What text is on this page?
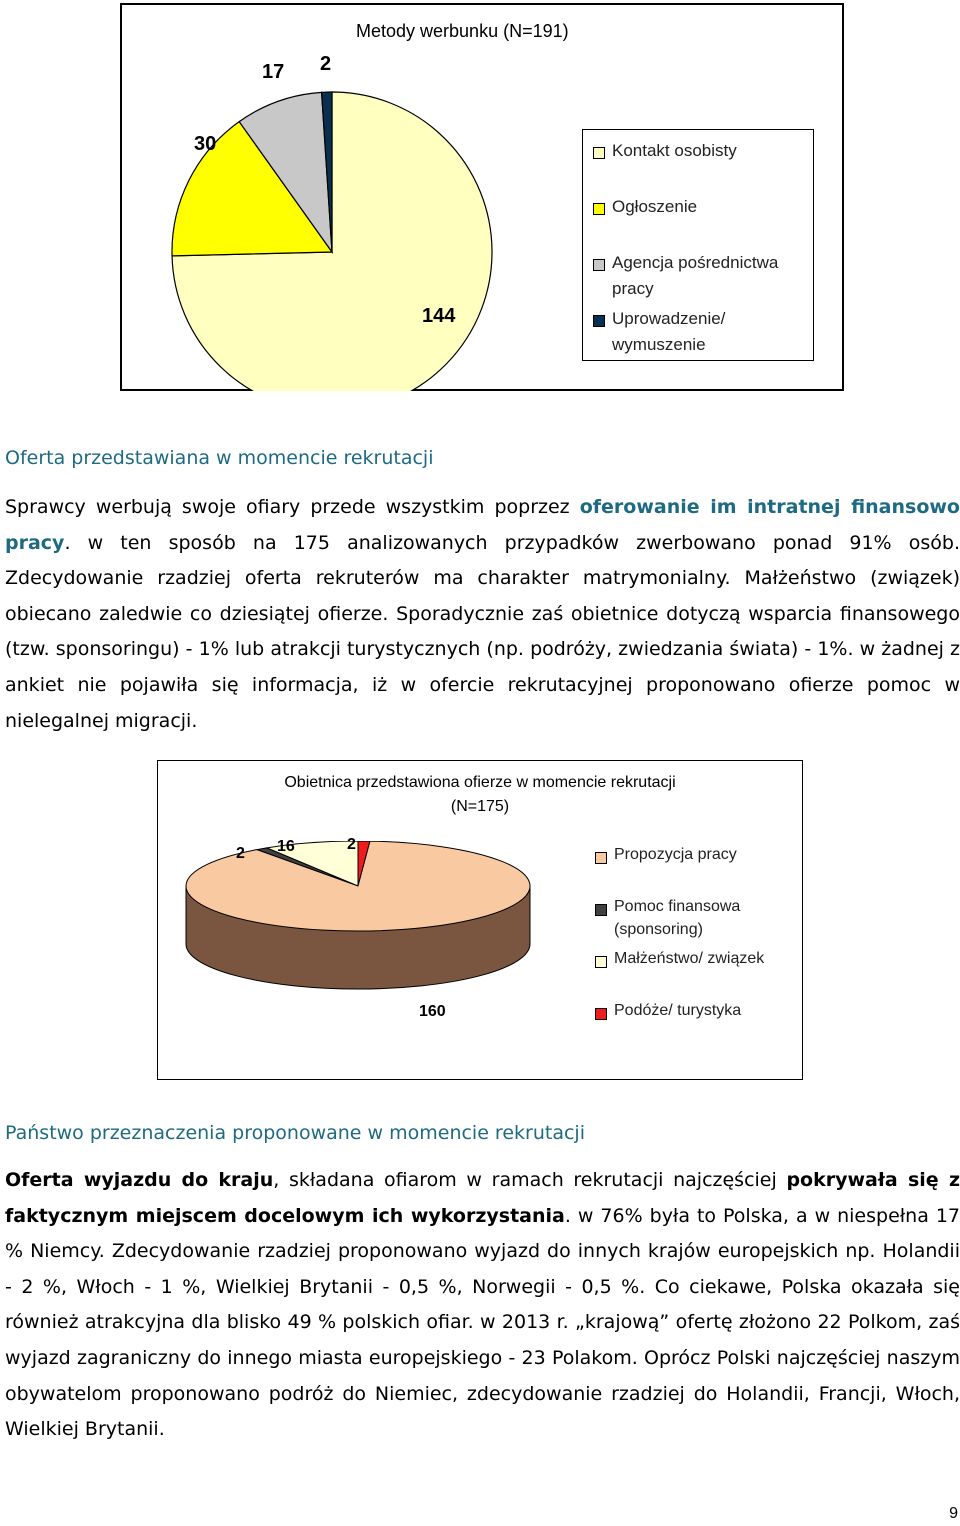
Metody werbunku (N=191)
144
30
17 2
Kontakt osobisty
Ogłoszenie
Agencja pośrednictwa pracy
Uprowadzenie/ wymuszenie
Oferta przedstawiana w momencie rekrutacji
Sprawcy werbują swoje ofiary przede wszystkim poprzez oferowanie im intratnej finansowo pracy. w ten sposób na 175 analizowanych przypadków zwerbowano ponad 91% osób. Zdecydowanie rzadziej oferta rekruterów ma charakter matrymonialny. Małżeństwo (związek) obiecano zaledwie co dziesiątej ofierze. Sporadycznie zaś obietnice dotyczą wsparcia finansowego (tzw. sponsoringu) - 1% lub atrakcji turystycznych (np. podróży, zwiedzania świata) - 1%. w żadnej z ankiet nie pojawiła się informacja, iż w ofercie rekrutacyjnej proponowano ofierze pomoc w nielegalnej migracji.
Obietnica przedstawiona ofierze w momencie rekrutacji
(N=175)
160
2 16	2
Propozycja pracy
Pomoc finansowa (sponsoring)
Małżeństwo/ związek
Podóże/ turystyka
Państwo przeznaczenia proponowane w momencie rekrutacji
Oferta wyjazdu do kraju, składana ofiarom w ramach rekrutacji najczęściej pokrywała się z faktycznym miejscem docelowym ich wykorzystania. w 76% była to Polska, a w niespełna 17 % Niemcy. Zdecydowanie rzadziej proponowano wyjazd do innych krajów europejskich np. Holandii - 2 %, Włoch - 1 %, Wielkiej Brytanii - 0,5 %, Norwegii - 0,5 %. Co ciekawe, Polska okazała się również atrakcyjna dla blisko 49 % polskich ofiar. w 2013 r. „krajową” ofertę złożono 22 Polkom, zaś wyjazd zagraniczny do innego miasta europejskiego - 23 Polakom. Oprócz Polski najczęściej naszym obywatelom proponowano podróż do Niemiec, zdecydowanie rzadziej do Holandii, Francji, Włoch, Wielkiej Brytanii.
9
